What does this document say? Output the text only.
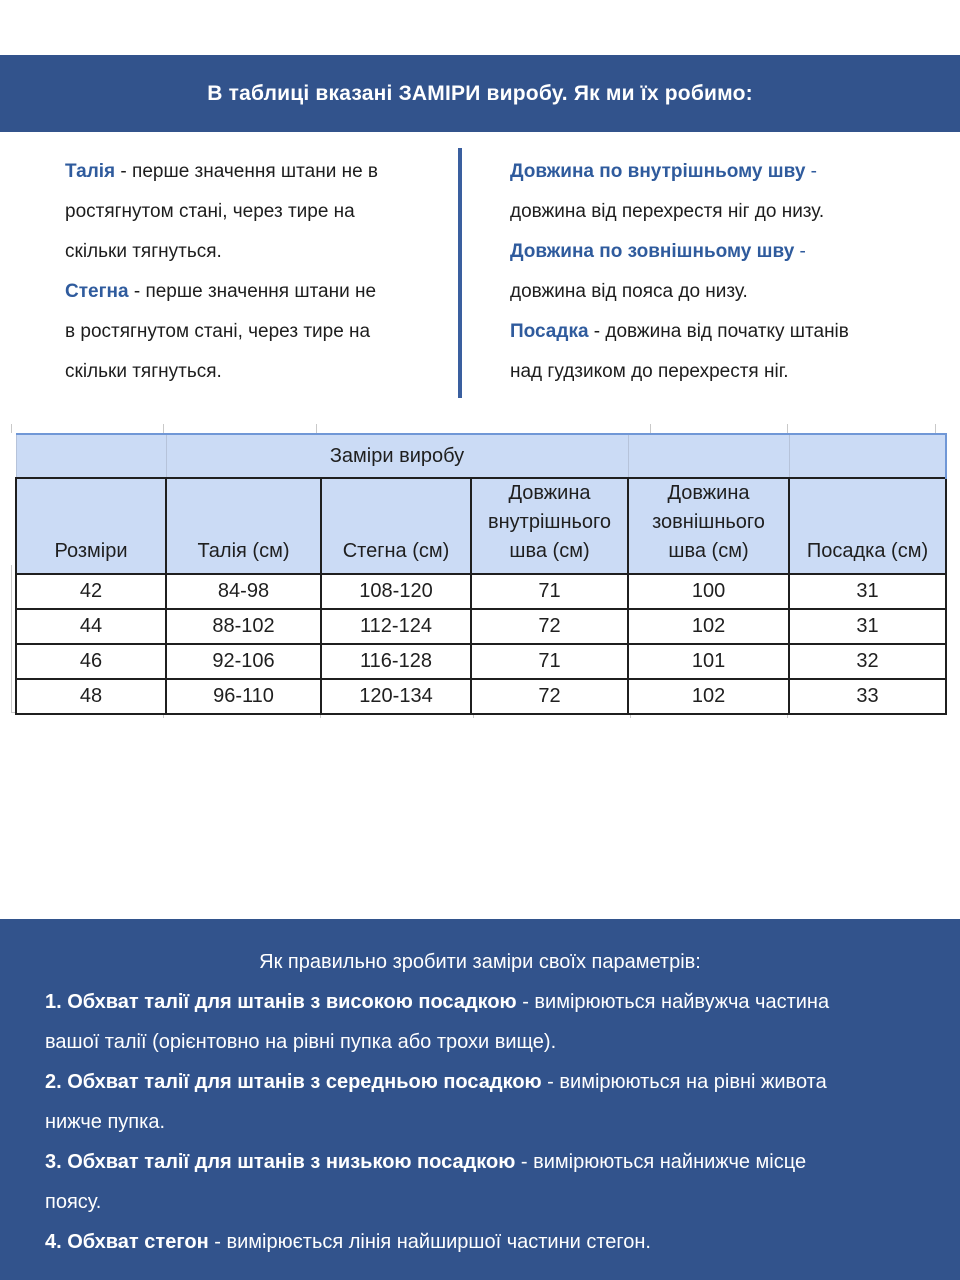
В таблиці вказані ЗАМІРИ виробу. Як ми їх робимо:
Талія - перше значення штани не в
ростягнутом стані, через тире на
скільки тягнуться.
Стегна - перше значення штани не
в ростягнутом стані, через тире на
скільки тягнуться.
Довжина по внутрішньому шву -
довжина від перехрестя ніг до низу.
Довжина по зовнішньому шву -
довжина від пояса до низу.
Посадка - довжина від початку штанів
над гудзиком до перехрестя ніг.
	Заміри виробу				
Розміри	Талія (см)	Стегна (см)	Довжина внутрішнього шва (см)	Довжина зовнішнього шва (см)	Посадка (см)
42	84-98	108-120	71	100	31
44	88-102	112-124	72	102	31
46	92-106	116-128	71	101	32
48	96-110	120-134	72	102	33
Як правильно зробити заміри своїх параметрів:
1. Обхват талії для штанів з високою посадкою - вимірюються найвужча частина
вашої талії (орієнтовно на рівні пупка або трохи вище).
2. Обхват талії для штанів з середньою посадкою - вимірюються на рівні живота
нижче пупка.
3. Обхват талії для штанів з низькою посадкою - вимірюються найнижче місце
поясу.
4. Обхват стегон - вимірюється лінія найширшої частини стегон.
